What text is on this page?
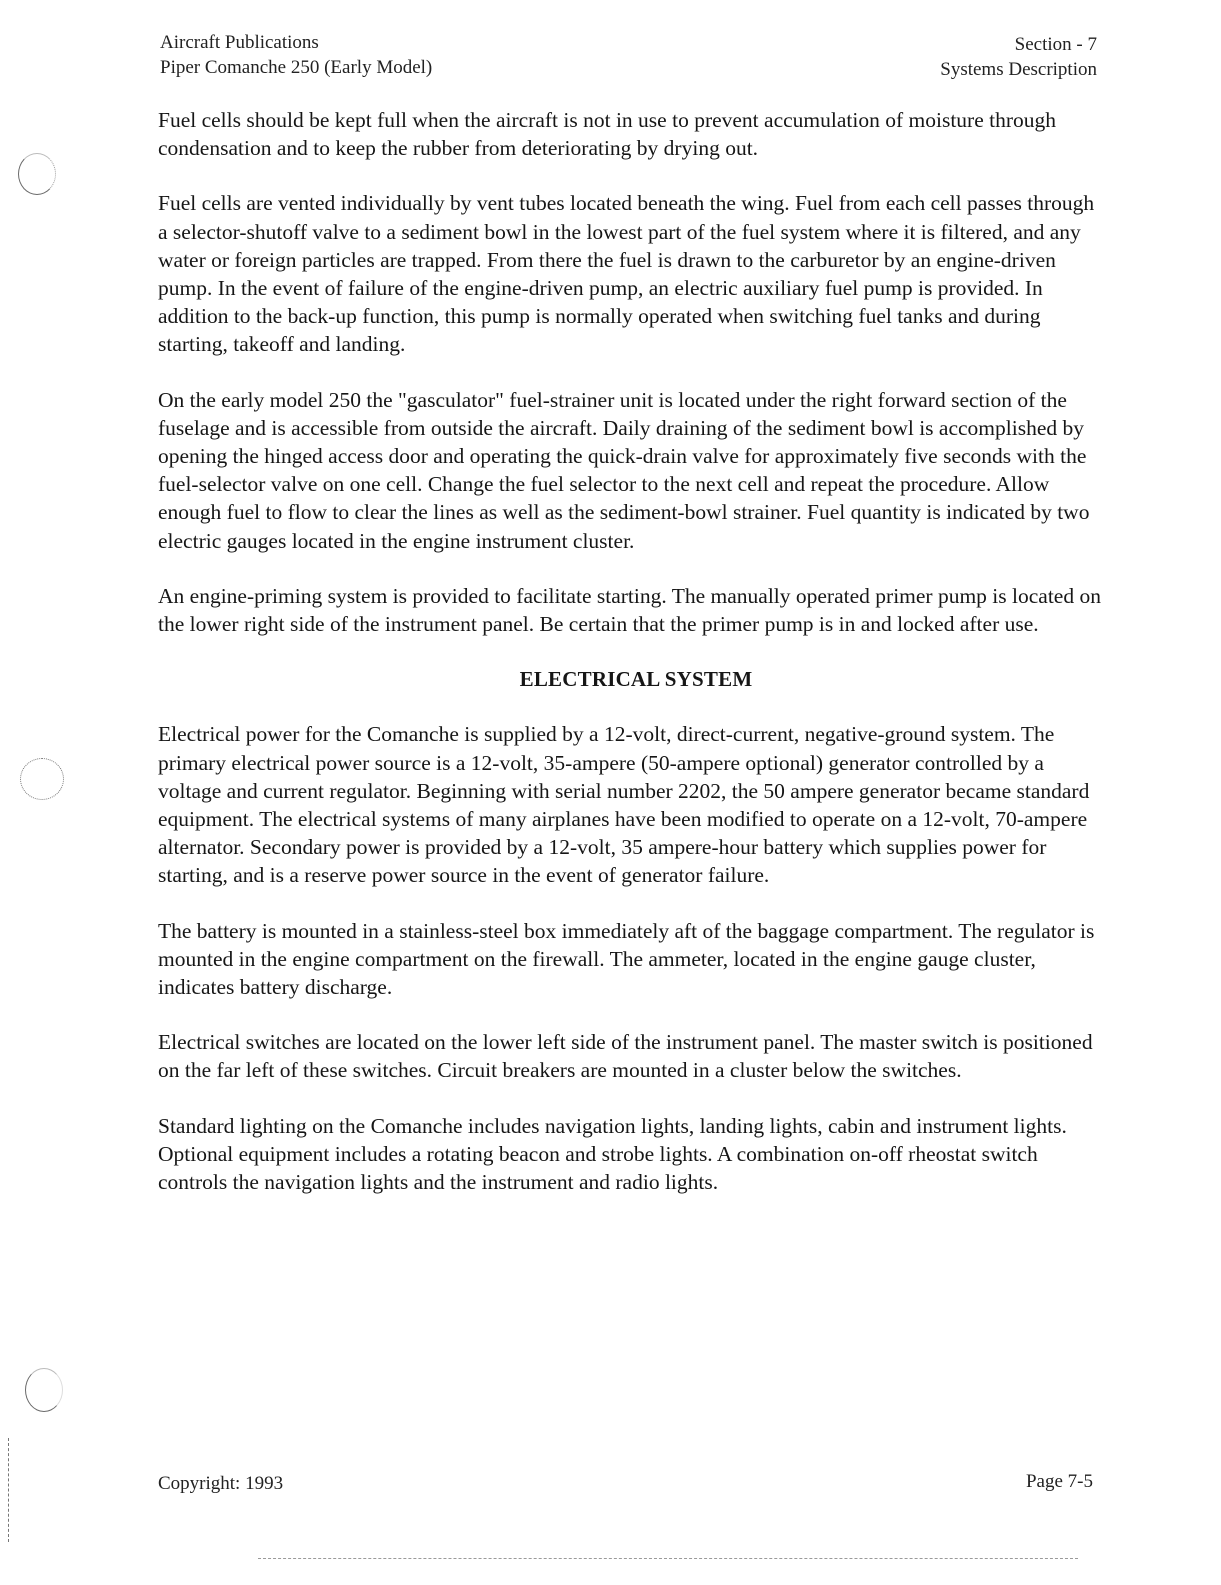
Aircraft Publications
Piper Comanche 250 (Early Model)
Section - 7
Systems Description

Fuel cells should be kept full when the aircraft is not in use to prevent accumulation of moisture through condensation and to keep the rubber from deteriorating by drying out.

Fuel cells are vented individually by vent tubes located beneath the wing. Fuel from each cell passes through a selector-shutoff valve to a sediment bowl in the lowest part of the fuel system where it is filtered, and any water or foreign particles are trapped. From there the fuel is drawn to the carburetor by an engine-driven pump. In the event of failure of the engine-driven pump, an electric auxiliary fuel pump is provided. In addition to the back-up function, this pump is normally operated when switching fuel tanks and during starting, takeoff and landing.

On the early model 250 the "gasculator" fuel-strainer unit is located under the right forward section of the fuselage and is accessible from outside the aircraft. Daily draining of the sediment bowl is accomplished by opening the hinged access door and operating the quick-drain valve for approximately five seconds with the fuel-selector valve on one cell. Change the fuel selector to the next cell and repeat the procedure. Allow enough fuel to flow to clear the lines as well as the sediment-bowl strainer. Fuel quantity is indicated by two electric gauges located in the engine instrument cluster.

An engine-priming system is provided to facilitate starting. The manually operated primer pump is located on the lower right side of the instrument panel. Be certain that the primer pump is in and locked after use.

ELECTRICAL SYSTEM

Electrical power for the Comanche is supplied by a 12-volt, direct-current, negative-ground system. The primary electrical power source is a 12-volt, 35-ampere (50-ampere optional) generator controlled by a voltage and current regulator. Beginning with serial number 2202, the 50 ampere generator became standard equipment. The electrical systems of many airplanes have been modified to operate on a 12-volt, 70-ampere alternator. Secondary power is provided by a 12-volt, 35 ampere-hour battery which supplies power for starting, and is a reserve power source in the event of generator failure.

The battery is mounted in a stainless-steel box immediately aft of the baggage compartment. The regulator is mounted in the engine compartment on the firewall. The ammeter, located in the engine gauge cluster, indicates battery discharge.

Electrical switches are located on the lower left side of the instrument panel. The master switch is positioned on the far left of these switches. Circuit breakers are mounted in a cluster below the switches.

Standard lighting on the Comanche includes navigation lights, landing lights, cabin and instrument lights. Optional equipment includes a rotating beacon and strobe lights. A combination on-off rheostat switch controls the navigation lights and the instrument and radio lights.

Copyright: 1993	Page 7-5
